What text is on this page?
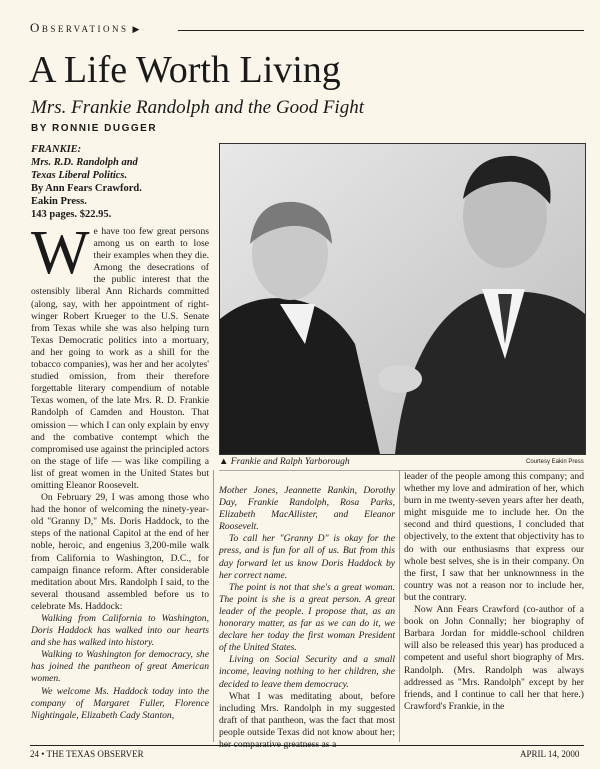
Observations ▶
A Life Worth Living
Mrs. Frankie Randolph and the Good Fight
BY RONNIE DUGGER
FRANKIE:
Mrs. R.D. Randolph and
Texas Liberal Politics.
By Ann Fears Crawford.
Eakin Press.
143 pages. $22.95.

We have too few great persons among us on earth to lose their examples when they die. Among the desecrations of the public interest that the ostensibly liberal Ann Richards committed (along, say, with her appointment of right-winger Robert Krueger to the U.S. Senate from Texas while she was also helping turn Texas Democratic politics into a mortuary, and her going to work as a shill for the tobacco companies), was her and her acolytes' studied omission, from their therefore forgettable literary compendium of notable Texas women, of the late Mrs. R. D. Frankie Randolph of Camden and Houston. That omission — which I can only explain by envy and the combative contempt which the compromised use against the principled actors on the stage of life — was like compiling a list of great women in the United States but omitting Eleanor Roosevelt.

On February 29, I was among those who had the honor of welcoming the ninety-year-old "Granny D," Ms. Doris Haddock, to the steps of the national Capitol at the end of her noble, heroic, and engenius 3,200-mile walk from California to Washington, D.C., for campaign finance reform. After considerable meditation about Mrs. Randolph I said, to the several thousand assembled before us to celebrate Ms. Haddock:

Walking from California to Washington, Doris Haddock has walked into our hearts and she has walked into history.

Walking to Washington for democracy, she has joined the pantheon of great American women.

We welcome Ms. Haddock today into the company of Margaret Fuller, Florence Nightingale, Elizabeth Cady Stanton,

▲ Frankie and Ralph Yarborough	Courtesy Eakin Press

Mother Jones, Jeannette Rankin, Dorothy Day, Frankie Randolph, Rosa Parks, Elizabeth MacAllister, and Eleanor Roosevelt.

To call her "Granny D" is okay for the press, and is fun for all of us. But from this day forward let us know Doris Haddock by her correct name.

The point is not that she's a great woman. The point is she is a great person. A great leader of the people. I propose that, as an honorary matter, as far as we can do it, we declare her today the first woman President of the United States.

Living on Social Security and a small income, leaving nothing to her children, she decided to leave them democracy.

What I was meditating about, before including Mrs. Randolph in my suggested draft of that pantheon, was the fact that most people outside Texas did not know about her; her comparative greatness as a

leader of the people among this company; and whether my love and admiration of her, which burn in me twenty-seven years after her death, might misguide me to include her. On the second and third questions, I concluded that objectively, to the extent that objectivity has to do with our enthusiasms that express our whole best selves, she is in their company. On the first, I saw that her unknownness in the country was not a reason nor to include her, but the contrary.

Now Ann Fears Crawford (co-author of a book on John Connally; her biography of Barbara Jordan for middle-school children will also be released this year) has produced a competent and useful short biography of Mrs. Randolph. (Mrs. Randolph was always addressed as "Mrs. Randolph" except by her friends, and I continue to call her that here.) Crawford's Frankie, in the

24 • THE TEXAS OBSERVER	APRIL 14, 2000
